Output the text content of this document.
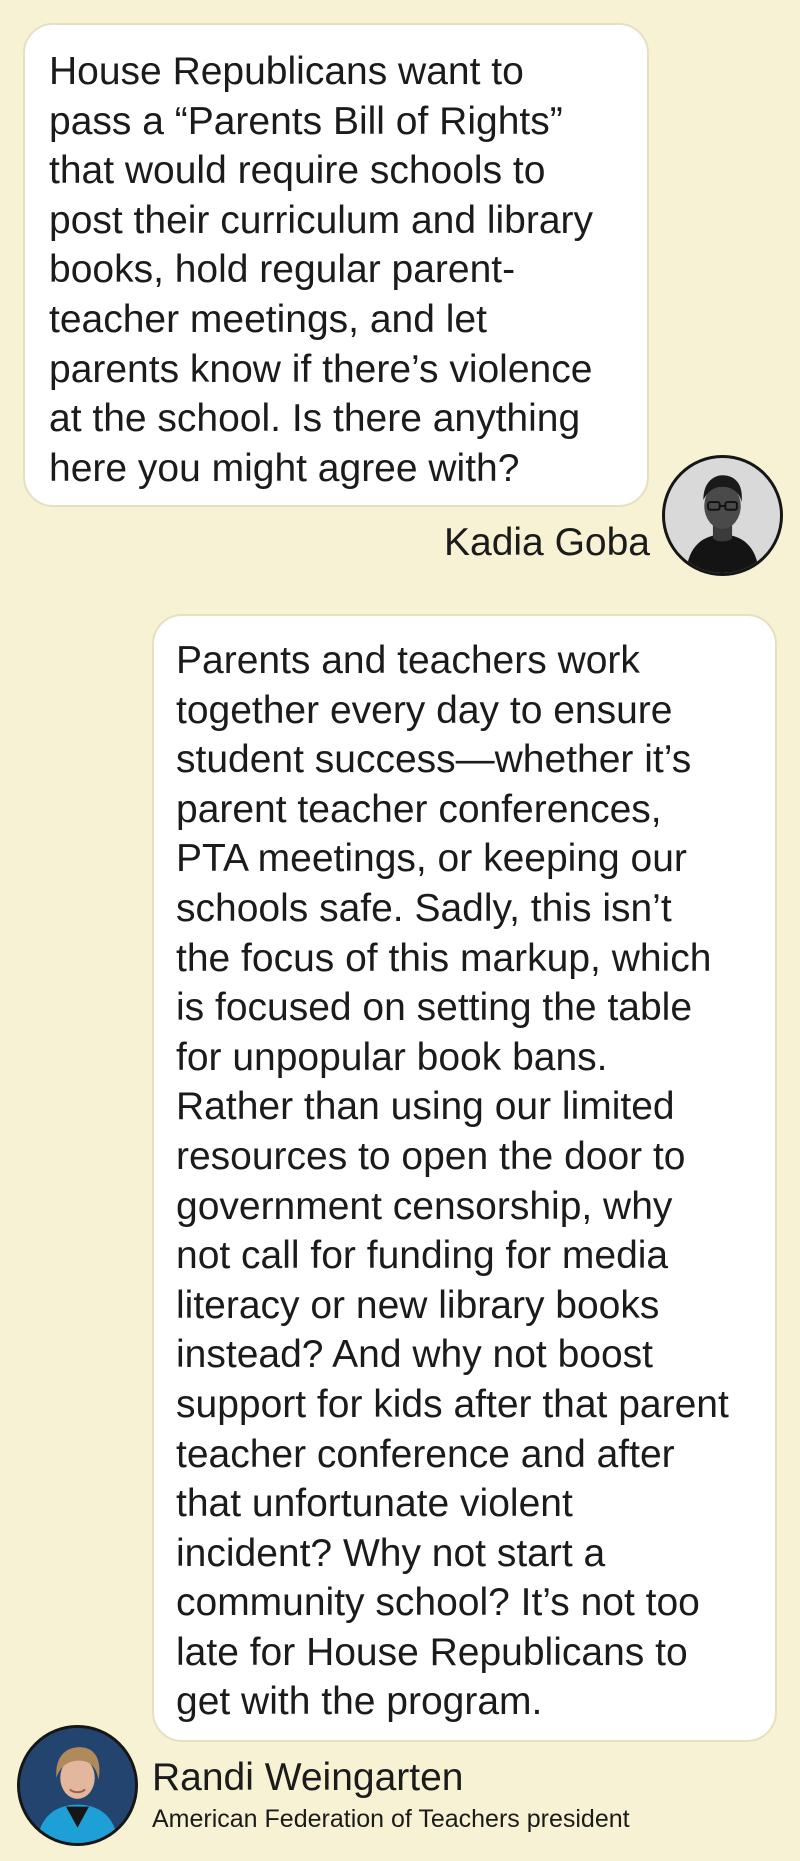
House Republicans want to
pass a “Parents Bill of Rights”
that would require schools to
post their curriculum and library
books, hold regular parent-
teacher meetings, and let
parents know if there’s violence
at the school. Is there anything
here you might agree with?
Kadia Goba
Parents and teachers work
together every day to ensure
student success—whether it’s
parent teacher conferences,
PTA meetings, or keeping our
schools safe. Sadly, this isn’t
the focus of this markup, which
is focused on setting the table
for unpopular book bans.
Rather than using our limited
resources to open the door to
government censorship, why
not call for funding for media
literacy or new library books
instead? And why not boost
support for kids after that parent
teacher conference and after
that unfortunate violent
incident? Why not start a
community school? It’s not too
late for House Republicans to
get with the program.
Randi Weingarten
American Federation of Teachers president
